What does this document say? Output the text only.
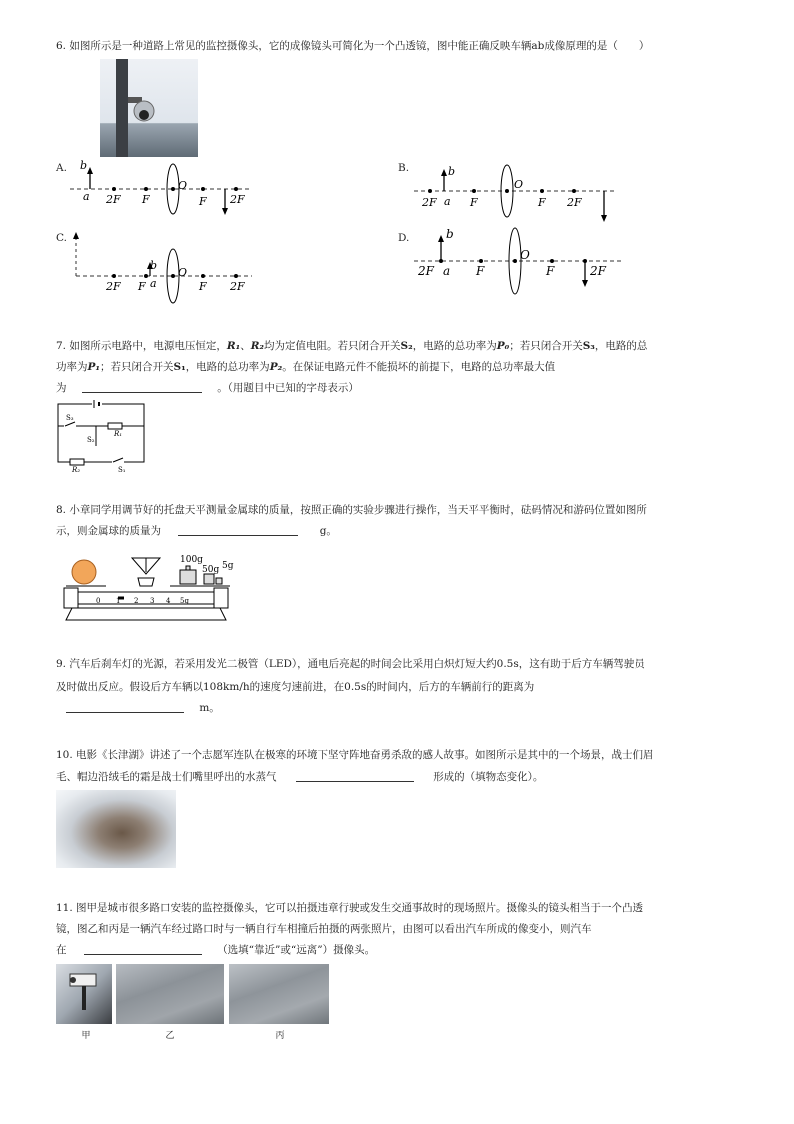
6. 如图所示是一种道路上常见的监控摄像头，它的成像镜头可简化为一个凸透镜，图中能正确反映车辆ab成像原理的是（　　）
A. b
a 2F F
O
F 2F
B.
2F
b
a F
O
F 2F
C.
2F F
b
a
O
F 2F
D.
2F
b
a F
O
F	2F
7. 如图所示电路中，电源电压恒定，R₁、R₂均为定值电阻。若只闭合开关S₂，电路的总功率为P₀；若只闭合开关S₃，电路的总
功率为P₁；若只闭合开关S₁，电路的总功率为P₂。在保证电路元件不能损坏的前提下，电路的总功率最大值
为	。（用题目中已知的字母表示）
S₃
S₂
R₁
R₂	S₁
8. 小章同学用调节好的托盘天平测量金属球的质量，按照正确的实验步骤进行操作，当天平平衡时，砝码情况和游码位置如图所
示，则金属球的质量为	g。
100g
50g 5g
0 1 2 3 4 5g
9. 汽车后刹车灯的光源，若采用发光二极管（LED），通电后亮起的时间会比采用白炽灯短大约0.5s，这有助于后方车辆驾驶员
及时做出反应。假设后方车辆以108km/h的速度匀速前进，在0.5s的时间内，后方的车辆前行的距离为
m。
10. 电影《长津湖》讲述了一个志愿军连队在极寒的环境下坚守阵地奋勇杀敌的感人故事。如图所示是其中的一个场景，战士们眉
毛、帽边沿绒毛的霜是战士们嘴里呼出的水蒸气	形成的（填物态变化）。
11. 图甲是城市很多路口安装的监控摄像头，它可以拍摄违章行驶或发生交通事故时的现场照片。摄像头的镜头相当于一个凸透
镜，图乙和丙是一辆汽车经过路口时与一辆自行车相撞后拍摄的两张照片，由图可以看出汽车所成的像变小，则汽车
在	（选填“靠近”或“远离”）摄像头。
甲	乙	丙
